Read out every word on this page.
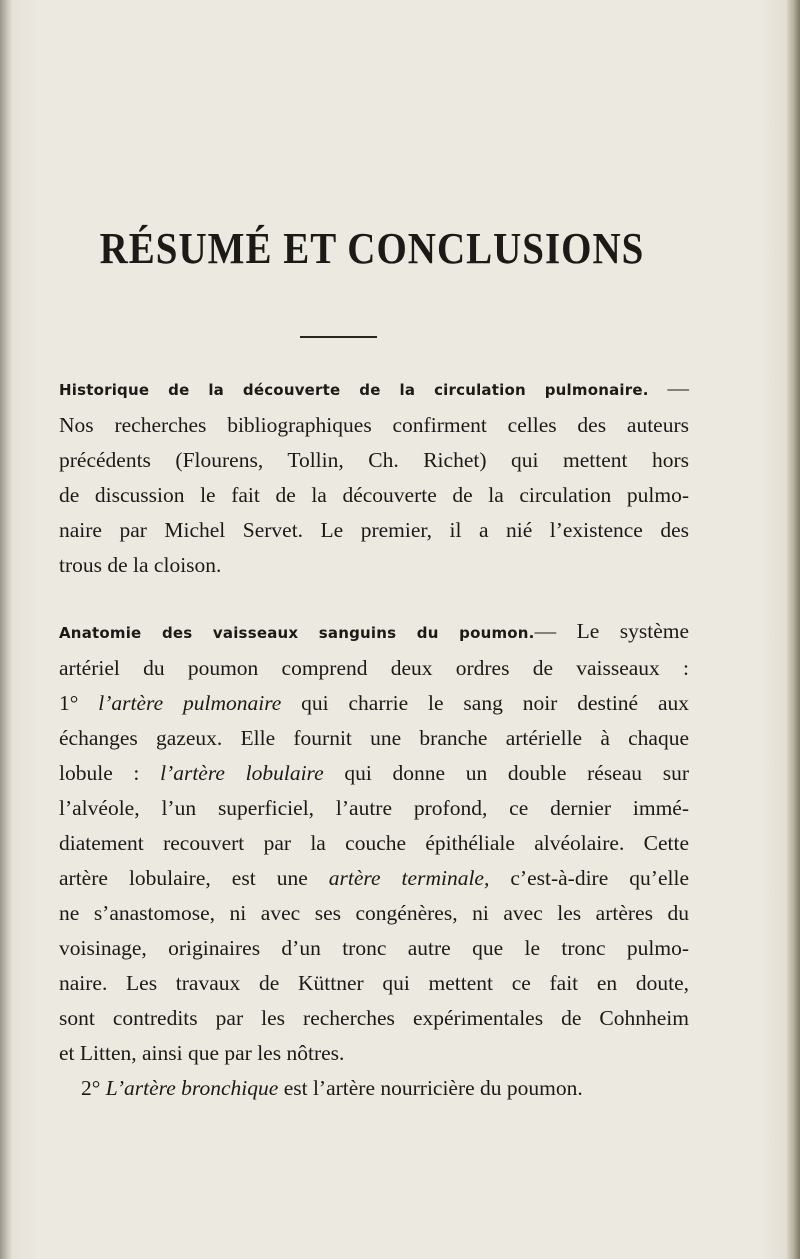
RÉSUMÉ ET CONCLUSIONS
Historique de la découverte de la circulation pulmonaire. —
Nos recherches bibliographiques confirment celles des auteurs
précédents (Flourens, Tollin, Ch. Richet) qui mettent hors
de discussion le fait de la découverte de la circulation pulmo-
naire par Michel Servet. Le premier, il a nié l’existence des
trous de la cloison.
Anatomie des vaisseaux sanguins du poumon.— Le système
artériel du poumon comprend deux ordres de vaisseaux :
1° l’artère pulmonaire qui charrie le sang noir destiné aux
échanges gazeux. Elle fournit une branche artérielle à chaque
lobule : l’artère lobulaire qui donne un double réseau sur
l’alvéole, l’un superficiel, l’autre profond, ce dernier immé-
diatement recouvert par la couche épithéliale alvéolaire. Cette
artère lobulaire, est une artère terminale, c’est-à-dire qu’elle
ne s’anastomose, ni avec ses congénères, ni avec les artères du
voisinage, originaires d’un tronc autre que le tronc pulmo-
naire. Les travaux de Küttner qui mettent ce fait en doute,
sont contredits par les recherches expérimentales de Cohnheim
et Litten, ainsi que par les nôtres.
2° L’artère bronchique est l’artère nourricière du poumon.
